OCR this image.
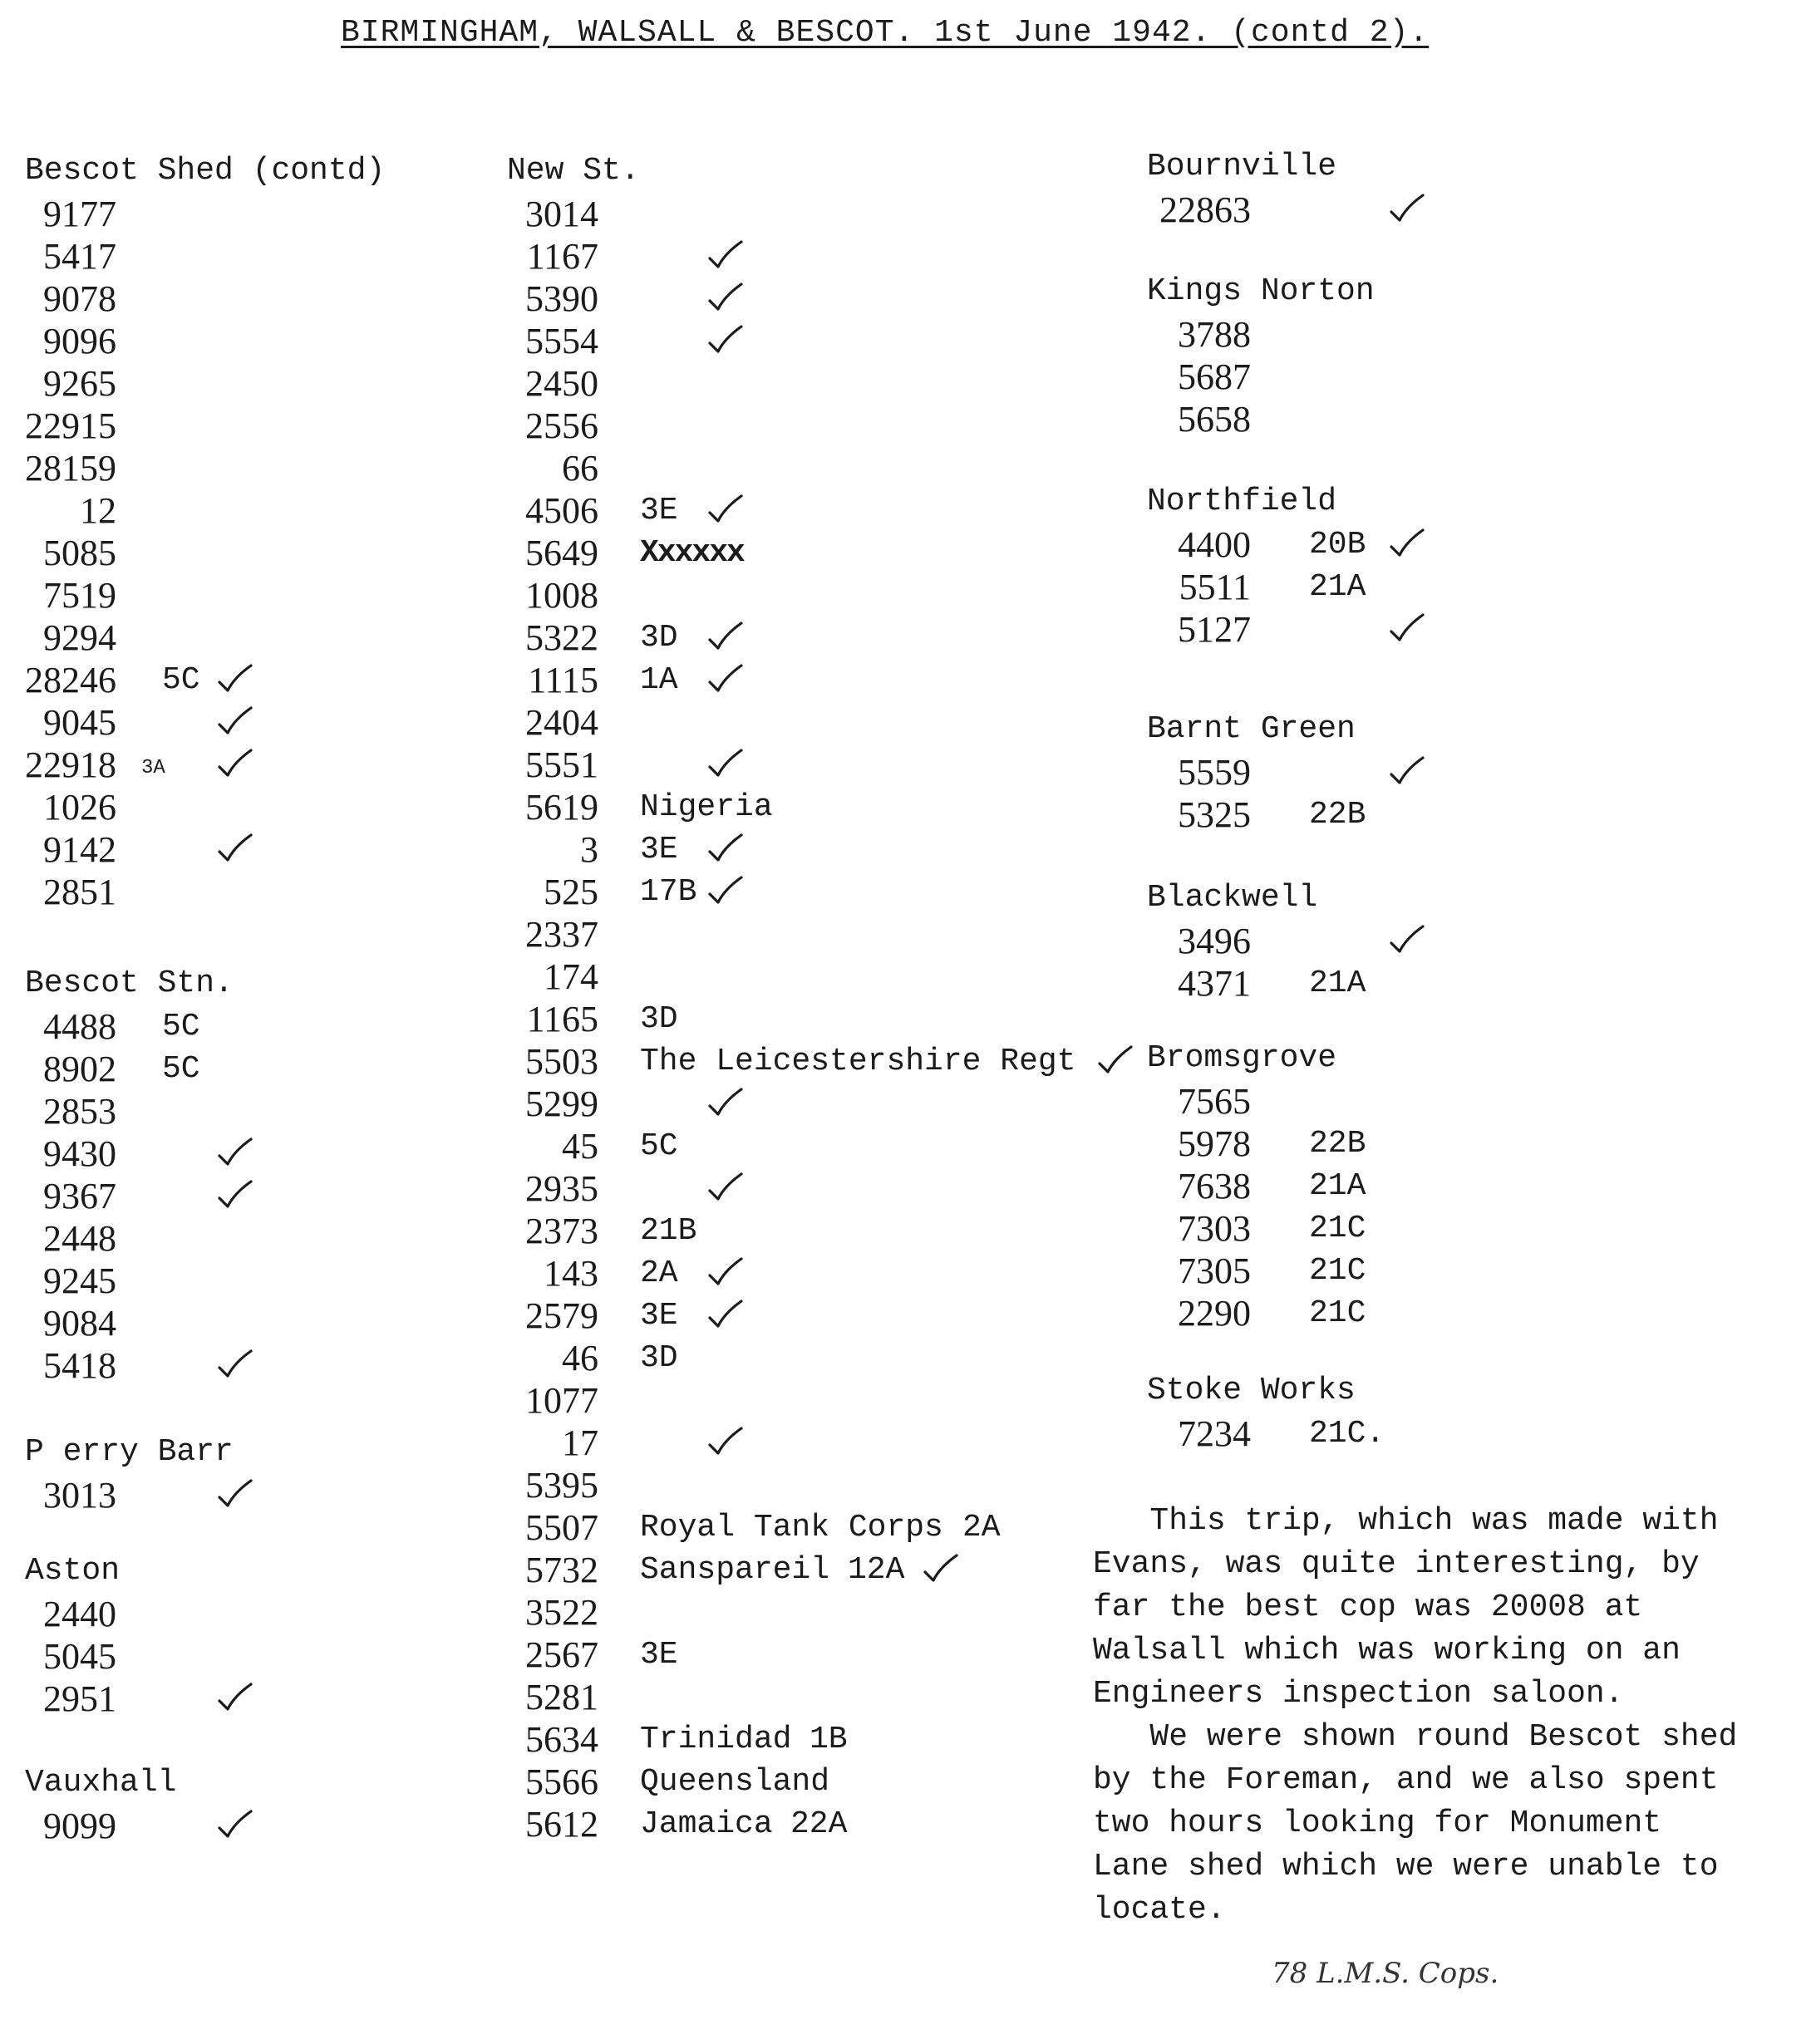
BIRMINGHAM, WALSALL & BESCOT. 1st June 1942. (contd 2).
Bescot Shed (contd)
9177
5417
9078
9096
9265
22915
28159
12
5085
7519
9294
28246 5C
9045
22918 3A
1026
9142
2851
Bescot Stn.
4488 5C
8902 5C
2853
9430
9367
2448
9245
9084
5418
P erry Barr
3013
Aston
2440
5045
2951
Vauxhall
9099
New St.
3014
1167
5390
5554
2450
2556
66
4506 3E
5649 Xxxxxx
1008
5322 3D
1115 1A
2404
5551
5619 Nigeria
3 3E
525 17B
2337
174
1165 3D
5503 The Leicestershire Regt
5299
45 5C
2935
2373 21B
143 2A
2579 3E
46 3D
1077
17
5395
5507 Royal Tank Corps 2A
5732 Sanspareil 12A
3522
2567 3E
5281
5634 Trinidad 1B
5566 Queensland
5612 Jamaica 22A
Bournville
22863
Kings Norton
3788
5687
5658
Northfield
4400 20B
5511 21A
5127
Barnt Green
5559
5325 22B
Blackwell
3496
4371 21A
Bromsgrove
7565
5978 22B
7638 21A
7303 21C
7305 21C
2290 21C
Stoke Works
7234 21C.
This trip, which was made with
Evans, was quite interesting, by
far the best cop was 20008 at
Walsall which was working on an
Engineers inspection saloon.
We were shown round Bescot shed
by the Foreman, and we also spent
two hours looking for Monument
Lane shed which we were unable to
locate.
78 L.M.S. Cops.
